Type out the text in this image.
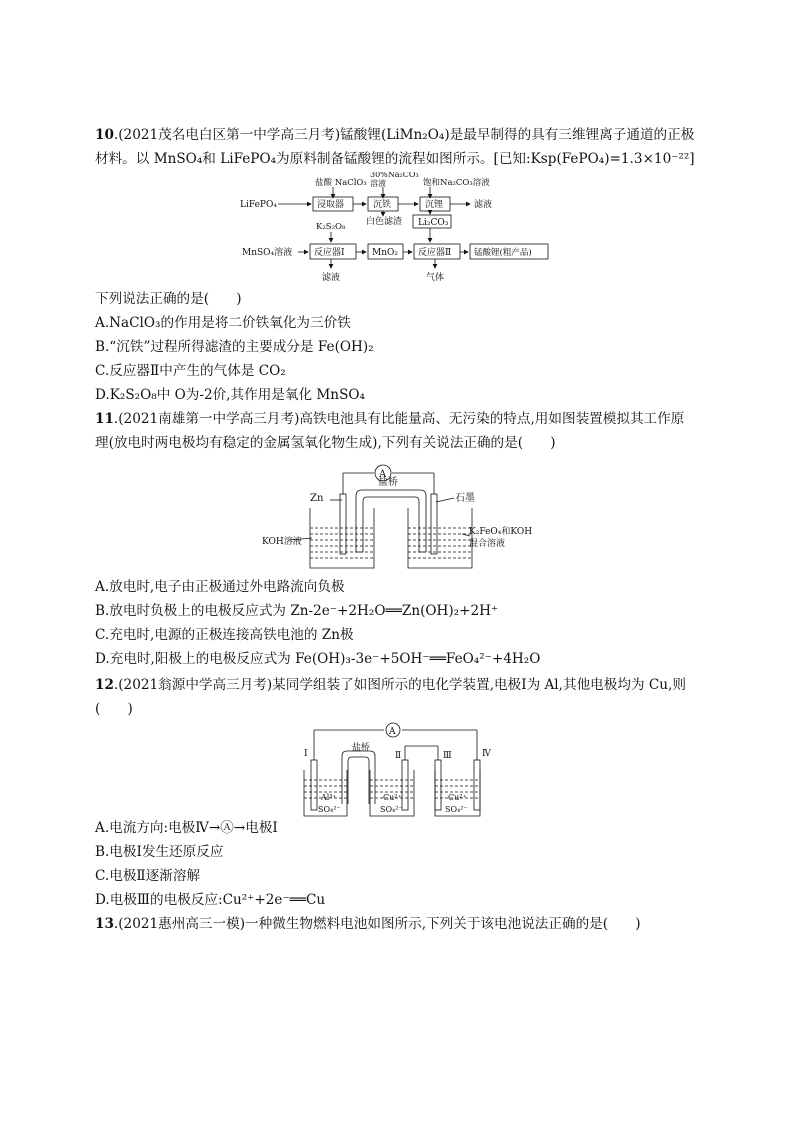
10.(2021茂名电白区第一中学高三月考)锰酸锂(LiMn₂O₄)是最早制得的具有三维锂离子通道的正极
材料。以 MnSO₄和 LiFePO₄为原料制备锰酸锂的流程如图所示。[已知:Ksp(FePO₄)=1.3×10⁻²²]
盐酸 NaClO₃
30%Na₂CO₃
溶液	饱和Na₂CO₃溶液
LiFePO₄	浸取器	沉铁	沉锂	滤液
白色滤渣 Li₂CO₃
K₂S₂O₈
MnSO₄溶液 反应器Ⅰ	MnO₂ 反应器Ⅱ	锰酸锂(粗产品)
滤液	气体
下列说法正确的是(　　)
A.NaClO₃的作用是将二价铁氧化为三价铁
B.“沉铁”过程所得滤渣的主要成分是 Fe(OH)₂
C.反应器Ⅱ中产生的气体是 CO₂
D.K₂S₂O₈中 O为-2价,其作用是氧化 MnSO₄
11.(2021南雄第一中学高三月考)高铁电池具有比能量高、无污染的特点,用如图装置模拟其工作原
理(放电时两电极均有稳定的金属氢氧化物生成),下列有关说法正确的是(　　)
A
Zn
盐桥
石墨
KOH溶液
K₂FeO₄和KOH
混合溶液
A.放电时,电子由正极通过外电路流向负极
B.放电时负极上的电极反应式为 Zn-2e⁻+2H₂O══Zn(OH)₂+2H⁺
C.充电时,电源的正极连接高铁电池的 Zn极
D.充电时,阳极上的电极反应式为 Fe(OH)₃-3e⁻+5OH⁻══FeO₄²⁻+4H₂O
12.(2021翁源中学高三月考)某同学组装了如图所示的电化学装置,电极Ⅰ为 Al,其他电极均为 Cu,则
(　　)
A
Ⅰ
盐桥
Ⅱ	Ⅲ	Ⅳ
Al³⁺
SO₄²⁻
Cu²⁺
SO₄²⁻
Cu²⁺
SO₄²⁻
A.电流方向:电极Ⅳ→Ⓐ→电极Ⅰ
B.电极Ⅰ发生还原反应
C.电极Ⅱ逐渐溶解
D.电极Ⅲ的电极反应:Cu²⁺+2e⁻══Cu
13.(2021惠州高三一模)一种微生物燃料电池如图所示,下列关于该电池说法正确的是(　　)
